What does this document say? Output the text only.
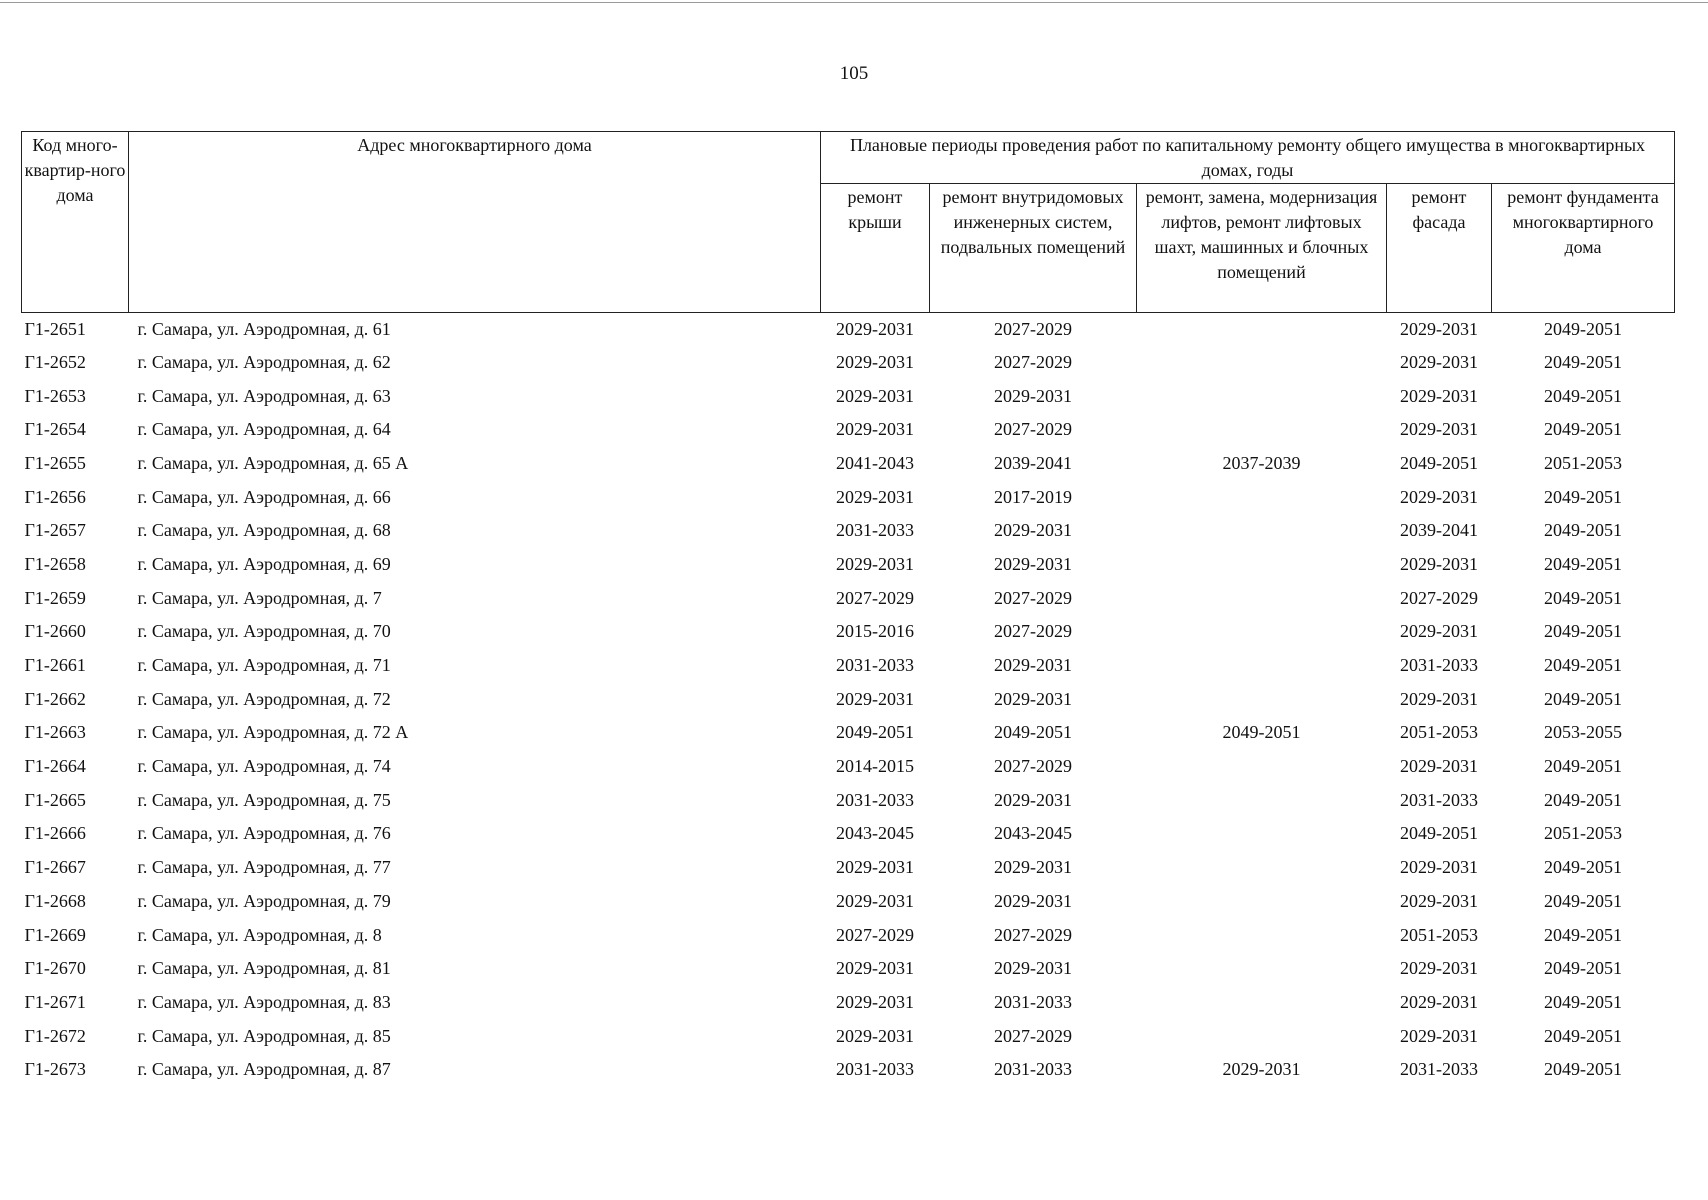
105
Код много-квартир-ного дома	Адрес многоквартирного дома	Плановые периоды проведения работ по капитальному ремонту общего имущества в многоквартирных домах, годы				
		ремонт крыши	ремонт внутридомовых инженерных систем, подвальных помещений	ремонт, замена, модернизация лифтов, ремонт лифтовых шахт, машинных и блочных помещений	ремонт фасада	ремонт фундамента многоквартирного дома
Г1-2651	г. Самара, ул. Аэродромная, д. 61	2029-2031	2027-2029		2029-2031	2049-2051
Г1-2652	г. Самара, ул. Аэродромная, д. 62	2029-2031	2027-2029		2029-2031	2049-2051
Г1-2653	г. Самара, ул. Аэродромная, д. 63	2029-2031	2029-2031		2029-2031	2049-2051
Г1-2654	г. Самара, ул. Аэродромная, д. 64	2029-2031	2027-2029		2029-2031	2049-2051
Г1-2655	г. Самара, ул. Аэродромная, д. 65 А	2041-2043	2039-2041	2037-2039	2049-2051	2051-2053
Г1-2656	г. Самара, ул. Аэродромная, д. 66	2029-2031	2017-2019		2029-2031	2049-2051
Г1-2657	г. Самара, ул. Аэродромная, д. 68	2031-2033	2029-2031		2039-2041	2049-2051
Г1-2658	г. Самара, ул. Аэродромная, д. 69	2029-2031	2029-2031		2029-2031	2049-2051
Г1-2659	г. Самара, ул. Аэродромная, д. 7	2027-2029	2027-2029		2027-2029	2049-2051
Г1-2660	г. Самара, ул. Аэродромная, д. 70	2015-2016	2027-2029		2029-2031	2049-2051
Г1-2661	г. Самара, ул. Аэродромная, д. 71	2031-2033	2029-2031		2031-2033	2049-2051
Г1-2662	г. Самара, ул. Аэродромная, д. 72	2029-2031	2029-2031		2029-2031	2049-2051
Г1-2663	г. Самара, ул. Аэродромная, д. 72 А	2049-2051	2049-2051	2049-2051	2051-2053	2053-2055
Г1-2664	г. Самара, ул. Аэродромная, д. 74	2014-2015	2027-2029		2029-2031	2049-2051
Г1-2665	г. Самара, ул. Аэродромная, д. 75	2031-2033	2029-2031		2031-2033	2049-2051
Г1-2666	г. Самара, ул. Аэродромная, д. 76	2043-2045	2043-2045		2049-2051	2051-2053
Г1-2667	г. Самара, ул. Аэродромная, д. 77	2029-2031	2029-2031		2029-2031	2049-2051
Г1-2668	г. Самара, ул. Аэродромная, д. 79	2029-2031	2029-2031		2029-2031	2049-2051
Г1-2669	г. Самара, ул. Аэродромная, д. 8	2027-2029	2027-2029		2051-2053	2049-2051
Г1-2670	г. Самара, ул. Аэродромная, д. 81	2029-2031	2029-2031		2029-2031	2049-2051
Г1-2671	г. Самара, ул. Аэродромная, д. 83	2029-2031	2031-2033		2029-2031	2049-2051
Г1-2672	г. Самара, ул. Аэродромная, д. 85	2029-2031	2027-2029		2029-2031	2049-2051
Г1-2673	г. Самара, ул. Аэродромная, д. 87	2031-2033	2031-2033	2029-2031	2031-2033	2049-2051
